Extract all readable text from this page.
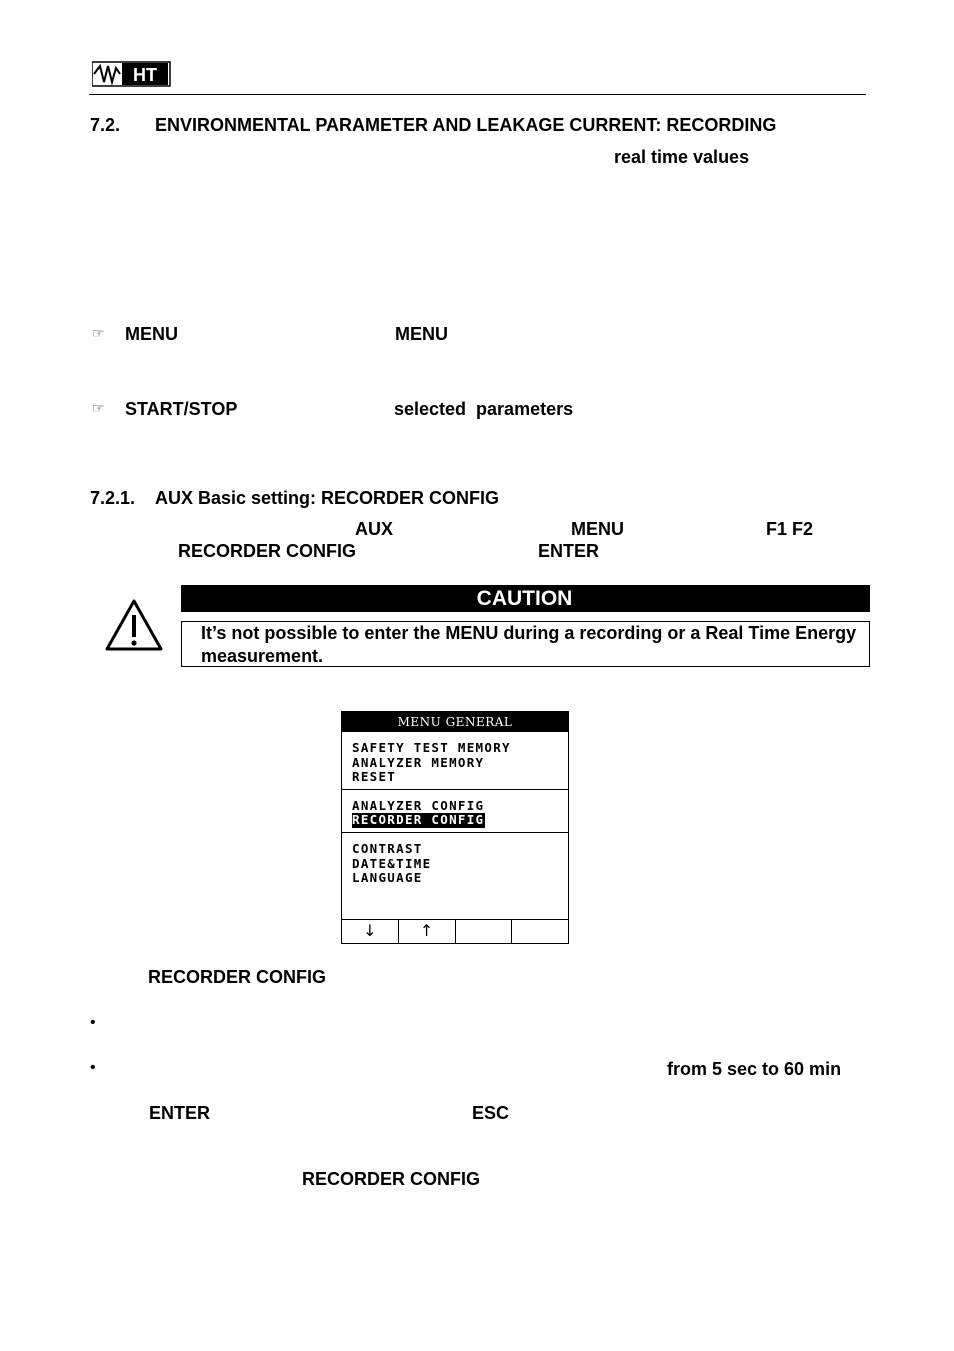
HT
7.2. ENVIRONMENTAL PARAMETER AND LEAKAGE CURRENT: RECORDING
real time values
☞ MENU	MENU
☞ START/STOP	selected  parameters
7.2.1. AUX Basic setting: RECORDER CONFIG
AUX	MENU	F1 F2
RECORDER CONFIG	ENTER
CAUTION
It’s not possible to enter the MENU during a recording or a Real Time Energy measurement.
MENU GENERAL
SAFETY TEST MEMORY
ANALYZER MEMORY
RESET
ANALYZER CONFIG
RECORDER CONFIG
CONTRAST
DATE&TIME
LANGUAGE
↓	↑
RECORDER CONFIG
•
•	from 5 sec to 60 min
ENTER	ESC
RECORDER CONFIG
